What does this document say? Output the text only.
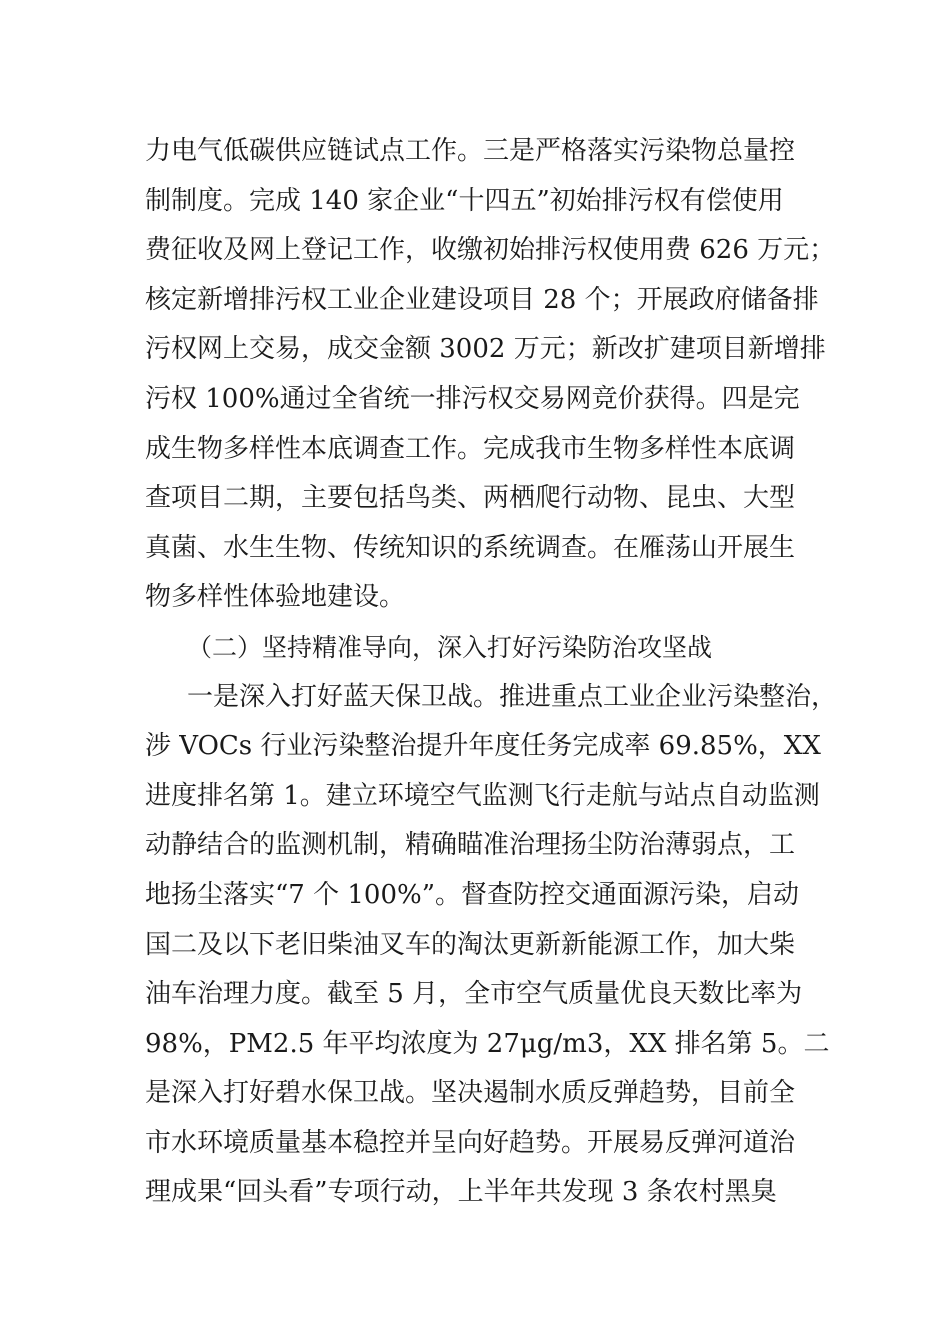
力电气低碳供应链试点工作。三是严格落实污染物总量控
制制度。完成 140 家企业“十四五”初始排污权有偿使用
费征收及网上登记工作，收缴初始排污权使用费 626 万元；
核定新增排污权工业企业建设项目 28 个；开展政府储备排
污权网上交易，成交金额 3002 万元；新改扩建项目新增排
污权 100%通过全省统一排污权交易网竞价获得。四是完
成生物多样性本底调查工作。完成我市生物多样性本底调
查项目二期，主要包括鸟类、两栖爬行动物、昆虫、大型
真菌、水生生物、传统知识的系统调查。在雁荡山开展生
物多样性体验地建设。
（二）坚持精准导向，深入打好污染防治攻坚战
一是深入打好蓝天保卫战。推进重点工业企业污染整治，
涉 VOCs 行业污染整治提升年度任务完成率 69.85%，XX
进度排名第 1。建立环境空气监测飞行走航与站点自动监测
动静结合的监测机制，精确瞄准治理扬尘防治薄弱点，工
地扬尘落实“7 个 100%”。督查防控交通面源污染，启动
国二及以下老旧柴油叉车的淘汰更新新能源工作，加大柴
油车治理力度。截至 5 月，全市空气质量优良天数比率为
98%，PM2.5 年平均浓度为 27μg/m3，XX 排名第 5。二
是深入打好碧水保卫战。坚决遏制水质反弹趋势，目前全
市水环境质量基本稳控并呈向好趋势。开展易反弹河道治
理成果“回头看”专项行动，上半年共发现 3 条农村黑臭
